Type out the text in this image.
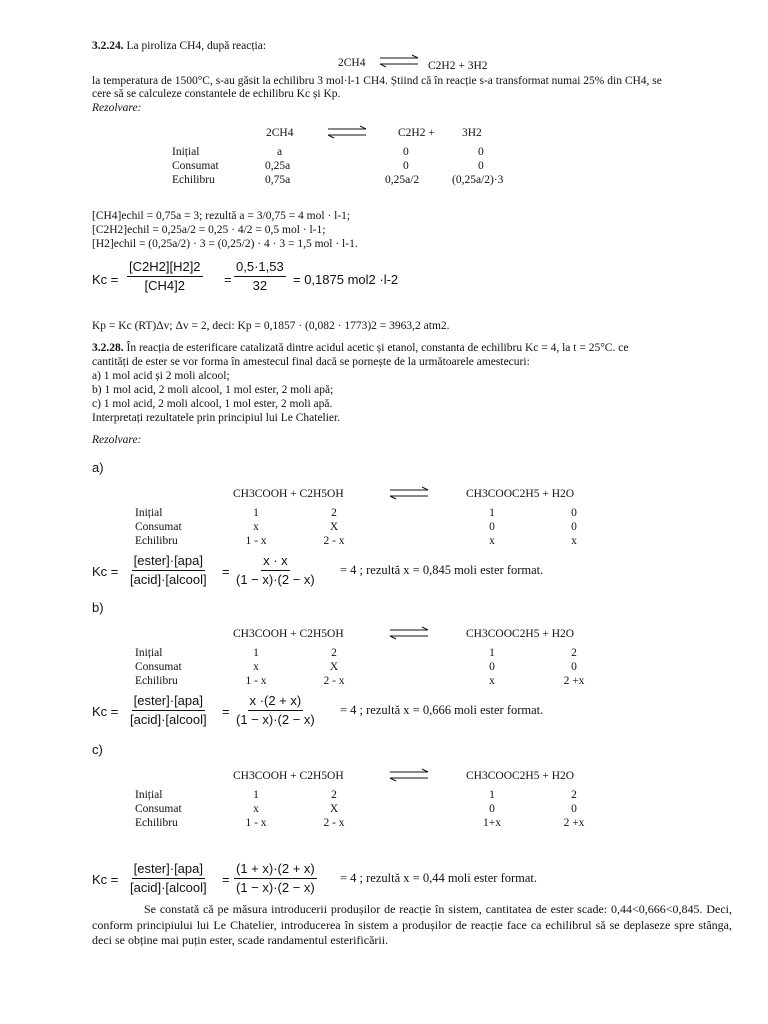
3.2.24. La piroliza CH4, după reacția:
2CH4 ⇌ C2H2 + 3H2
la temperatura de 1500°C, s-au găsit la echilibru 3 mol·l-1 CH4. Știind că în reacție s-a transformat numai 25% din CH4, se
cere să se calculeze constantele de echilibru Kc și Kp.
Rezolvare:
2CH4	C2H2 + 3H2
Inițial	a	0	0
Consumat	0,25a	0	0
Echilibru	0,75a	0,25a/2	(0,25a/2)·3
[CH4]echil = 0,75a = 3; rezultă a = 3/0,75 = 4 mol · l-1;
[C2H2]echil = 0,25a/2 = 0,25 · 4/2 = 0,5 mol · l-1;
[H2]echil = (0,25a/2) · 3 = (0,25/2) · 4 · 3 = 1,5 mol · l-1.
$Kc = \frac{[C2H2][H2]2}{[CH4]2} = \frac{0,5\cdot 1,53}{32} = 0,1875$ mol2 ·l-2
Kp = Kc (RT)Δv; Δv = 2, deci: Kp = 0,1857 · (0,082 · 1773)2 = 3963,2 atm2.
3.2.28. În reacția de esterificare catalizată dintre acidul acetic și etanol, constanta de echilibru Kc = 4, la t = 25°C. ce
cantități de ester se vor forma în amestecul final dacă se pornește de la următoarele amestecuri:
a) 1 mol acid și 2 moli alcool;
b) 1 mol acid, 2 moli alcool, 1 mol ester, 2 moli apă;
c) 1 mol acid, 2 moli alcool, 1 mol ester, 2 moli apă.
Interpretați rezultatele prin principiul lui Le Chatelier.
Rezolvare:
a)
CH3COOH + C2H5OH	CH3COOC2H5 + H2O
Inițial	1	2	1	0
Consumat	x	X	0	0
Echilibru	1 - x	2 - x	x	x
Kc =
[ester]·[apa]
[acid]·[alcool]
= $\frac{x \cdot x}{(1 - x)\cdot(2 - x)} = 4$ ; rezultă x = 0,845 moli ester format.
b)
CH3COOH + C2H5OH	CH3COOC2H5 + H2O
Inițial	1	2	1	2
Consumat	x	X	0	0
Echilibru	1 - x	2 - x	x	2 +x
Kc =
[ester]·[apa]
[acid]·[alcool]
= $\frac{x \cdot(2 + x)}{(1 - x)\cdot(2 - x)} = 4$ ; rezultă x = 0,666 moli ester format.
c)
CH3COOH + C2H5OH	CH3COOC2H5 + H2O
Inițial	1	2	1	2
Consumat	x	X	0	0
Echilibru	1 - x	2 - x	1+x	2 +x
Kc =
[ester]·[apa]
[acid]·[alcool]
= $\frac{(1 + x)\cdot(2 + x)}{(1 - x)\cdot(2 - x)} = 4$ ; rezultă x = 0,44 moli ester format.
Se constată că pe măsura introducerii produșilor de reacție în sistem, cantitatea de ester scade: 0,44<0,666<0,845. Deci, conform principiului lui Le Chatelier, introducerea în sistem a produșilor de reacție face ca echilibrul să se deplaseze spre stânga, deci se obține mai puțin ester, scade randamentul esterificării.
